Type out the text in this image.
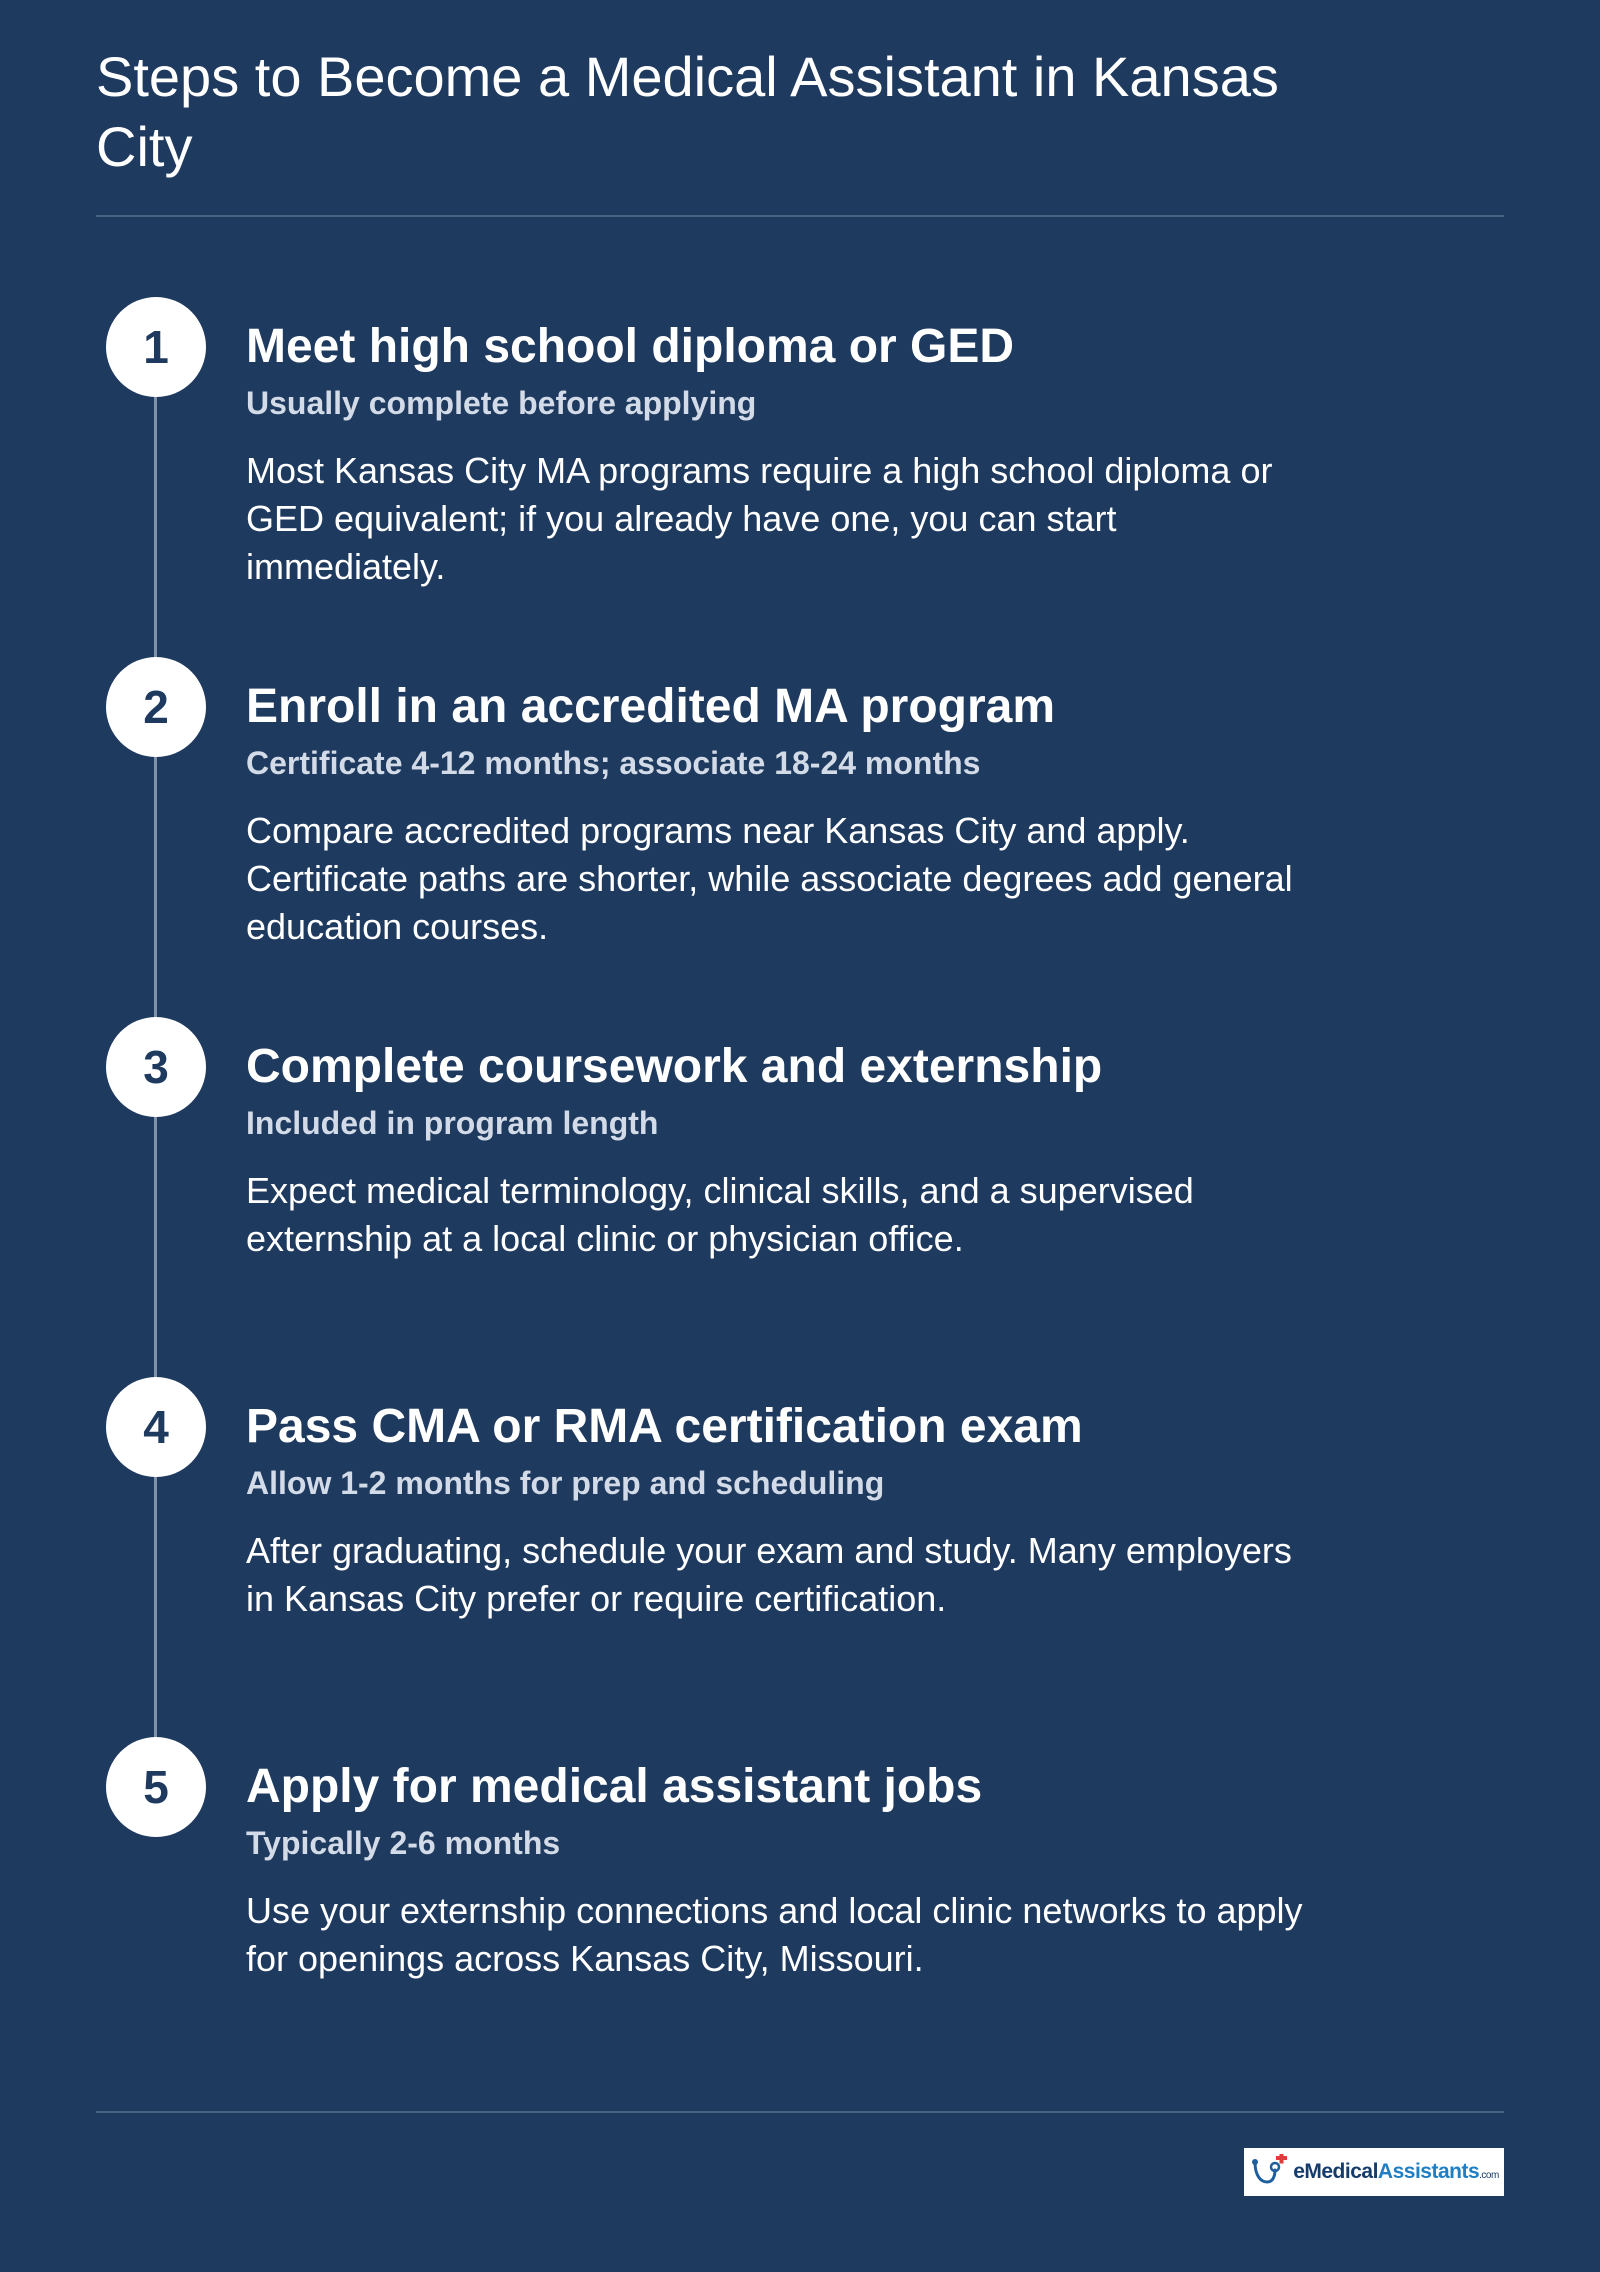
Steps to Become a Medical Assistant in Kansas City
1	Meet high school diploma or GED
Usually complete before applying
Most Kansas City MA programs require a high school diploma or GED equivalent; if you already have one, you can start immediately.
2	Enroll in an accredited MA program
Certificate 4-12 months; associate 18-24 months
Compare accredited programs near Kansas City and apply. Certificate paths are shorter, while associate degrees add general education courses.
3	Complete coursework and externship
Included in program length
Expect medical terminology, clinical skills, and a supervised externship at a local clinic or physician office.
4	Pass CMA or RMA certification exam
Allow 1-2 months for prep and scheduling
After graduating, schedule your exam and study. Many employers in Kansas City prefer or require certification.
5	Apply for medical assistant jobs
Typically 2-6 months
Use your externship connections and local clinic networks to apply for openings across Kansas City, Missouri.
eMedicalAssistants.com
